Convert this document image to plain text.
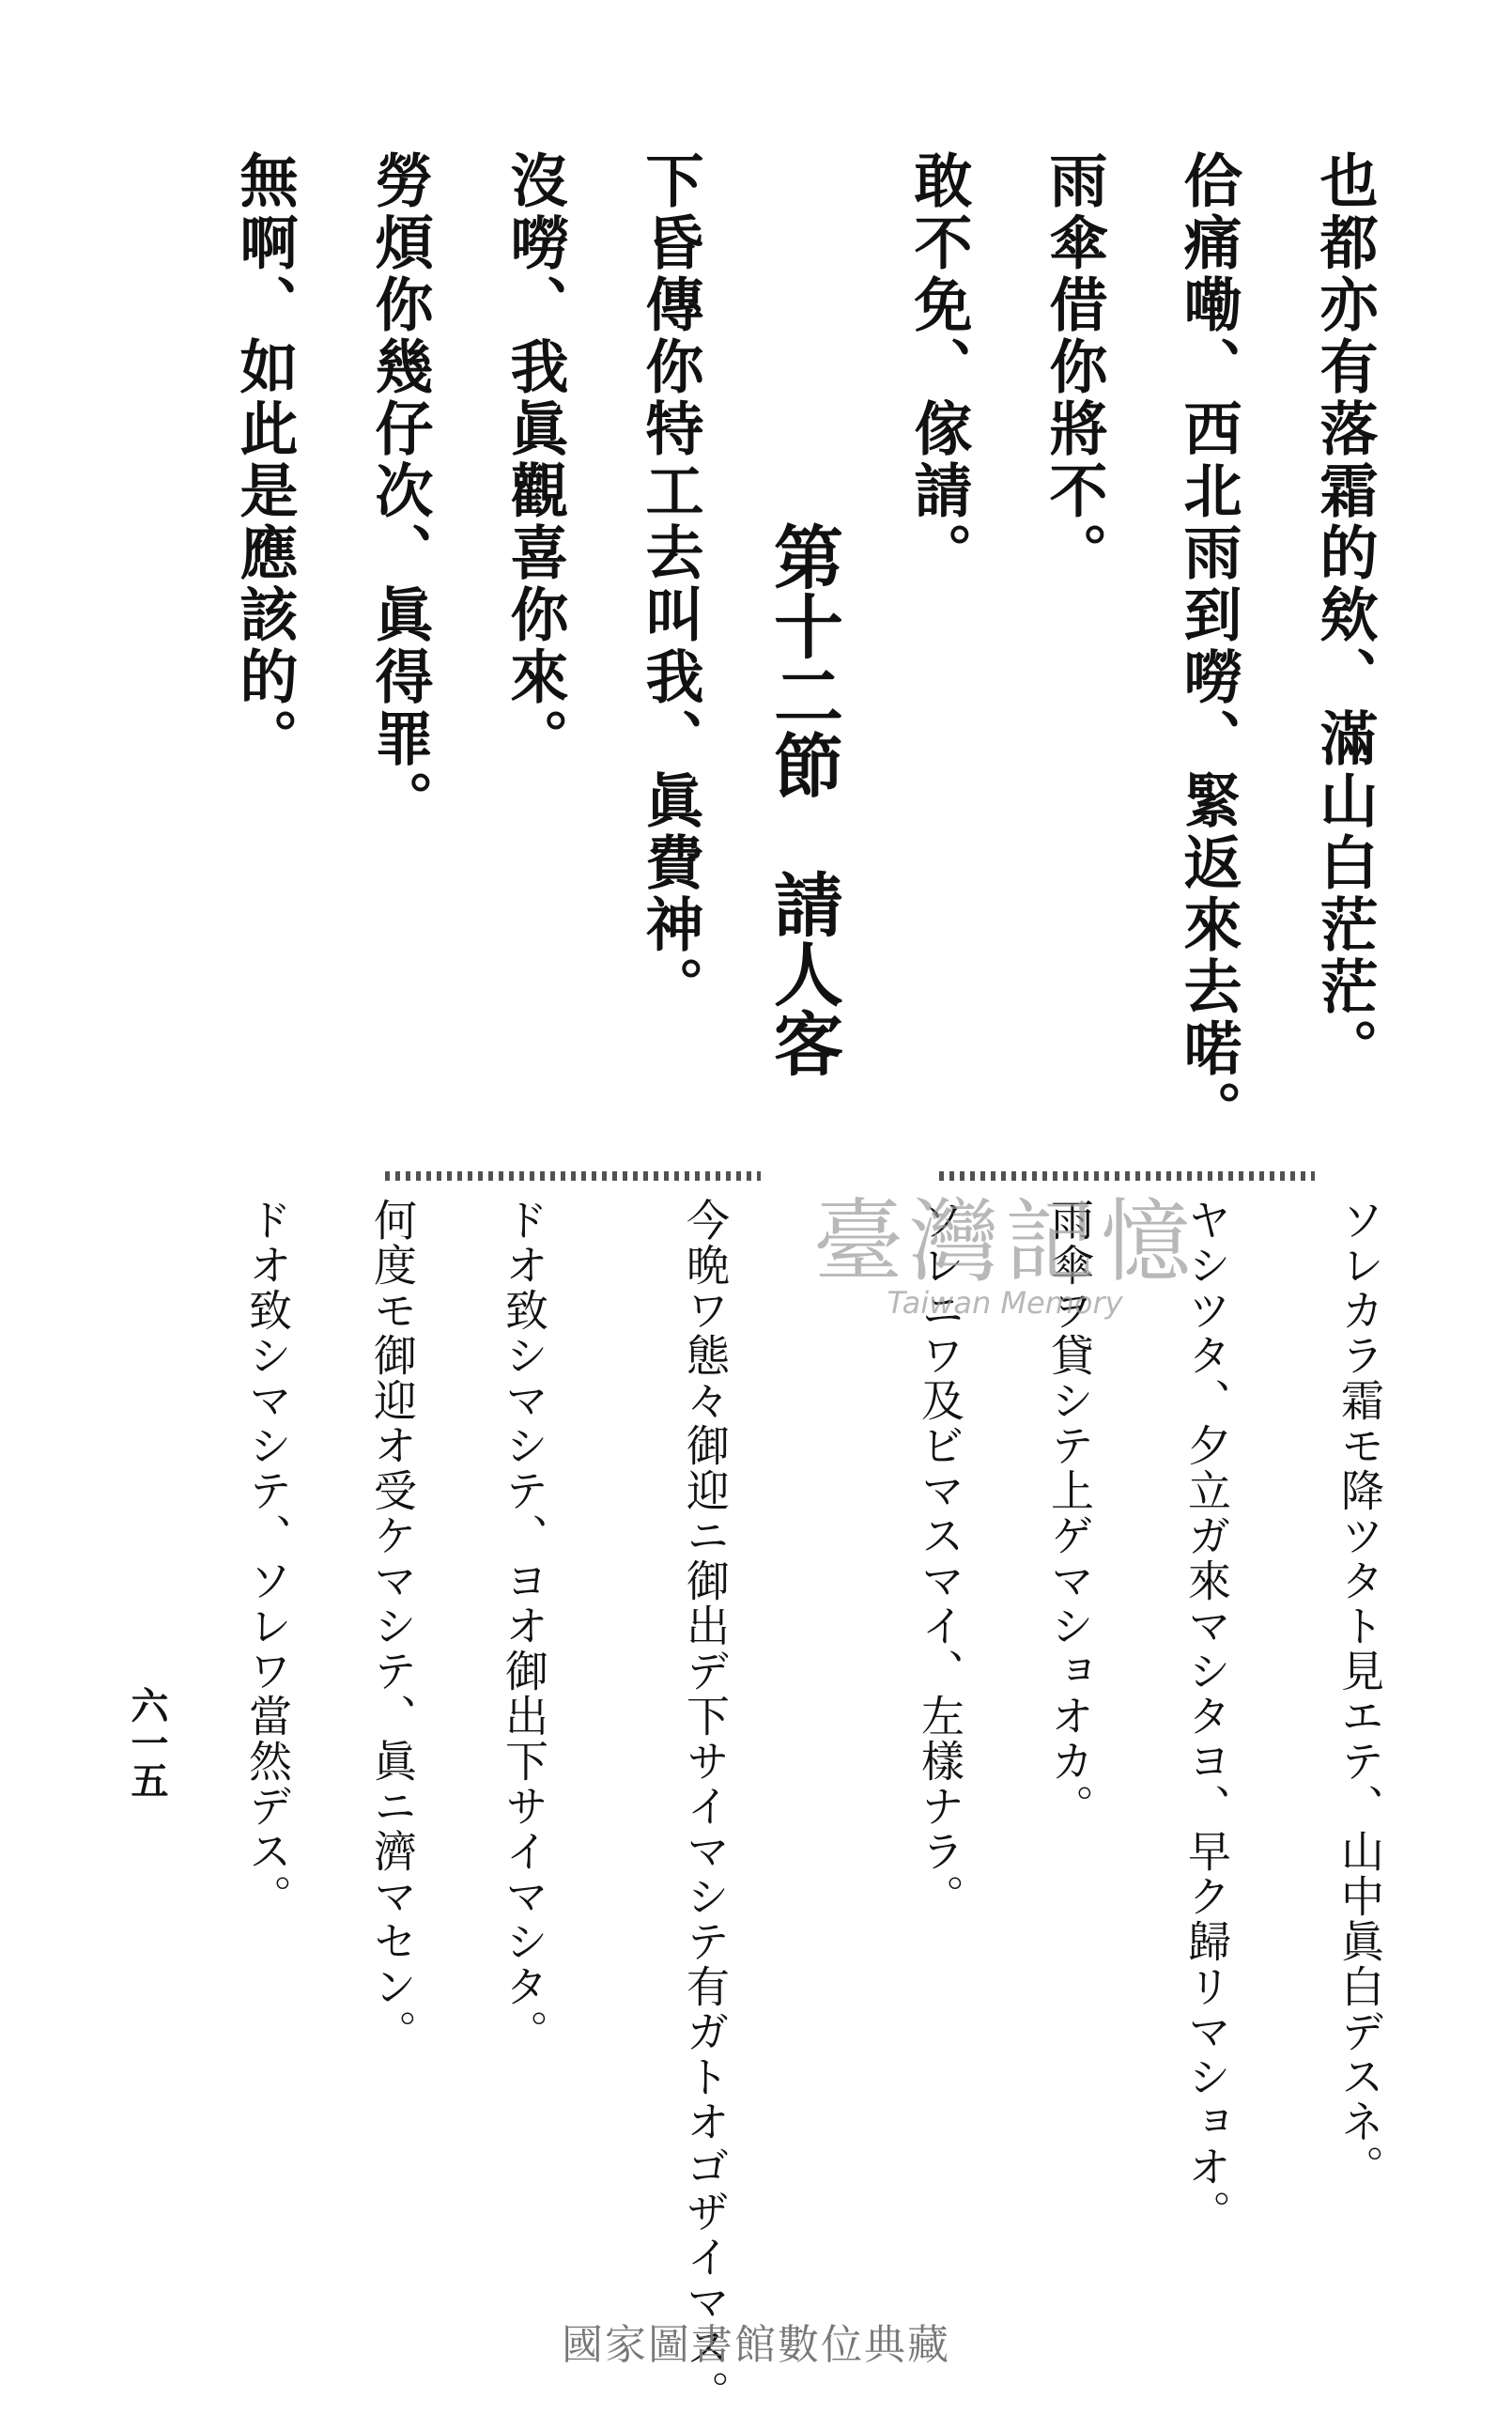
也都亦有落霜的欸、滿山白茫茫。
佮痛嘞、西北雨到嘮、緊返來去喏。
雨傘借你將不。
敢不免、傢請。
第十二節　請人客
下昏傳你特工去叫我、眞費神。
沒嘮、我眞觀喜你來。
勞煩你幾仔次、眞得罪。
無啊、如此是應該的。
ソレカラ霜モ降ツタト見エテ、山中眞白デスネ。
ヤシツタ、夕立ガ來マシタヨ、早ク歸リマショオ。
雨傘ヲ貸シテ上ゲマショオカ。
ソレニワ及ビマスマイ、左樣ナラ。
今晩ワ態々御迎ニ御出デ下サイマシテ有ガトオゴザイマス。
ドオ致シマシテ、ヨオ御出下サイマシタ。
何度モ御迎オ受ケマシテ、眞ニ濟マセン。
ドオ致シマシテ、ソレワ當然デス。
六一五
臺灣記憶
Taiwan Memory
國家圖書館數位典藏
